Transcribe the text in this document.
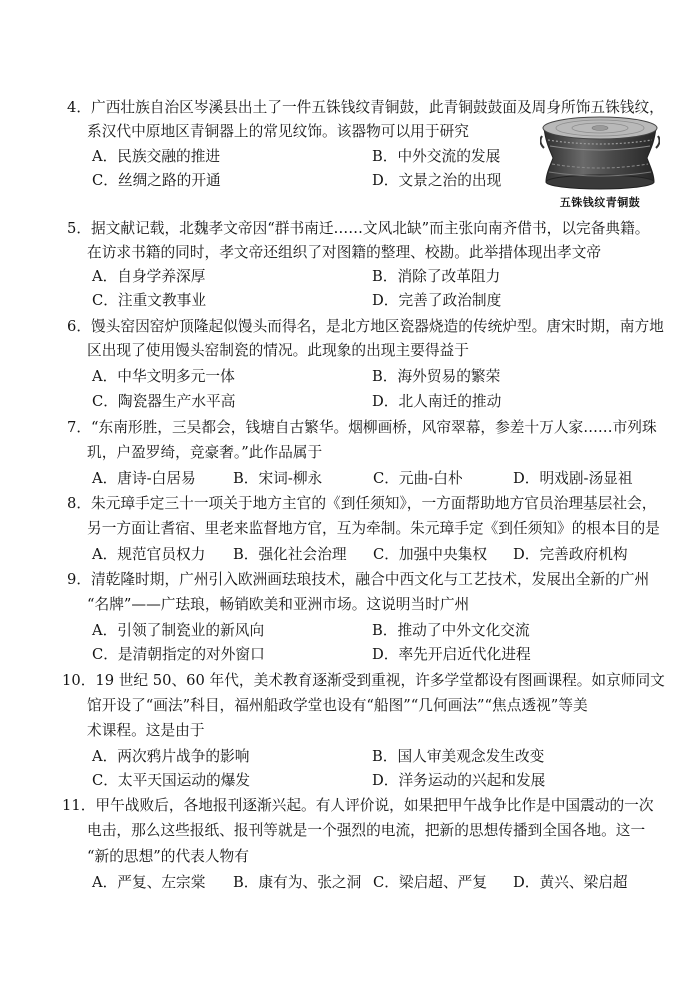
4．广西壮族自治区岑溪县出土了一件五铢钱纹青铜鼓，此青铜鼓鼓面及周身所饰五铢钱纹，
系汉代中原地区青铜器上的常见纹饰。该器物可以用于研究
A．民族交融的推进	B．中外交流的发展
C．丝绸之路的开通	D．文景之治的出现
五铢钱纹青铜鼓
5．据文献记载，北魏孝文帝因“群书南迁……文风北缺”而主张向南齐借书，以完备典籍。
在访求书籍的同时，孝文帝还组织了对图籍的整理、校勘。此举措体现出孝文帝
A．自身学养深厚	B．消除了改革阻力
C．注重文教事业	D．完善了政治制度
6．馒头窑因窑炉顶隆起似馒头而得名，是北方地区瓷器烧造的传统炉型。唐宋时期，南方地
区出现了使用馒头窑制瓷的情况。此现象的出现主要得益于
A．中华文明多元一体	B．海外贸易的繁荣
C．陶瓷器生产水平高	D．北人南迁的推动
7．“东南形胜，三吴都会，钱塘自古繁华。烟柳画桥，风帘翠幕，参差十万人家……市列珠
玑，户盈罗绮，竞豪奢。”此作品属于
A．唐诗-白居易	B．宋词-柳永	C．元曲-白朴	D．明戏剧-汤显祖
8．朱元璋手定三十一项关于地方主官的《到任须知》，一方面帮助地方官员治理基层社会，
另一方面让耆宿、里老来监督地方官，互为牵制。朱元璋手定《到任须知》的根本目的是
A．规范官员权力 B．强化社会治理 C．加强中央集权 D．完善政府机构
9．清乾隆时期，广州引入欧洲画珐琅技术，融合中西文化与工艺技术，发展出全新的广州
“名牌”——广珐琅，畅销欧美和亚洲市场。这说明当时广州
A．引领了制瓷业的新风向	B．推动了中外文化交流
C．是清朝指定的对外窗口	D．率先开启近代化进程
10．19 世纪 50、60 年代，美术教育逐渐受到重视，许多学堂都设有图画课程。如京师同文
馆开设了“画法”科目，福州船政学堂也设有“船图”“几何画法”“焦点透视”等美
术课程。这是由于
A．两次鸦片战争的影响	B．国人审美观念发生改变
C．太平天国运动的爆发	D．洋务运动的兴起和发展
11．甲午战败后，各地报刊逐渐兴起。有人评价说，如果把甲午战争比作是中国震动的一次
电击，那么这些报纸、报刊等就是一个强烈的电流，把新的思想传播到全国各地。这一
“新的思想”的代表人物有
A．严复、左宗棠 B．康有为、张之洞 C．梁启超、严复 D．黄兴、梁启超
